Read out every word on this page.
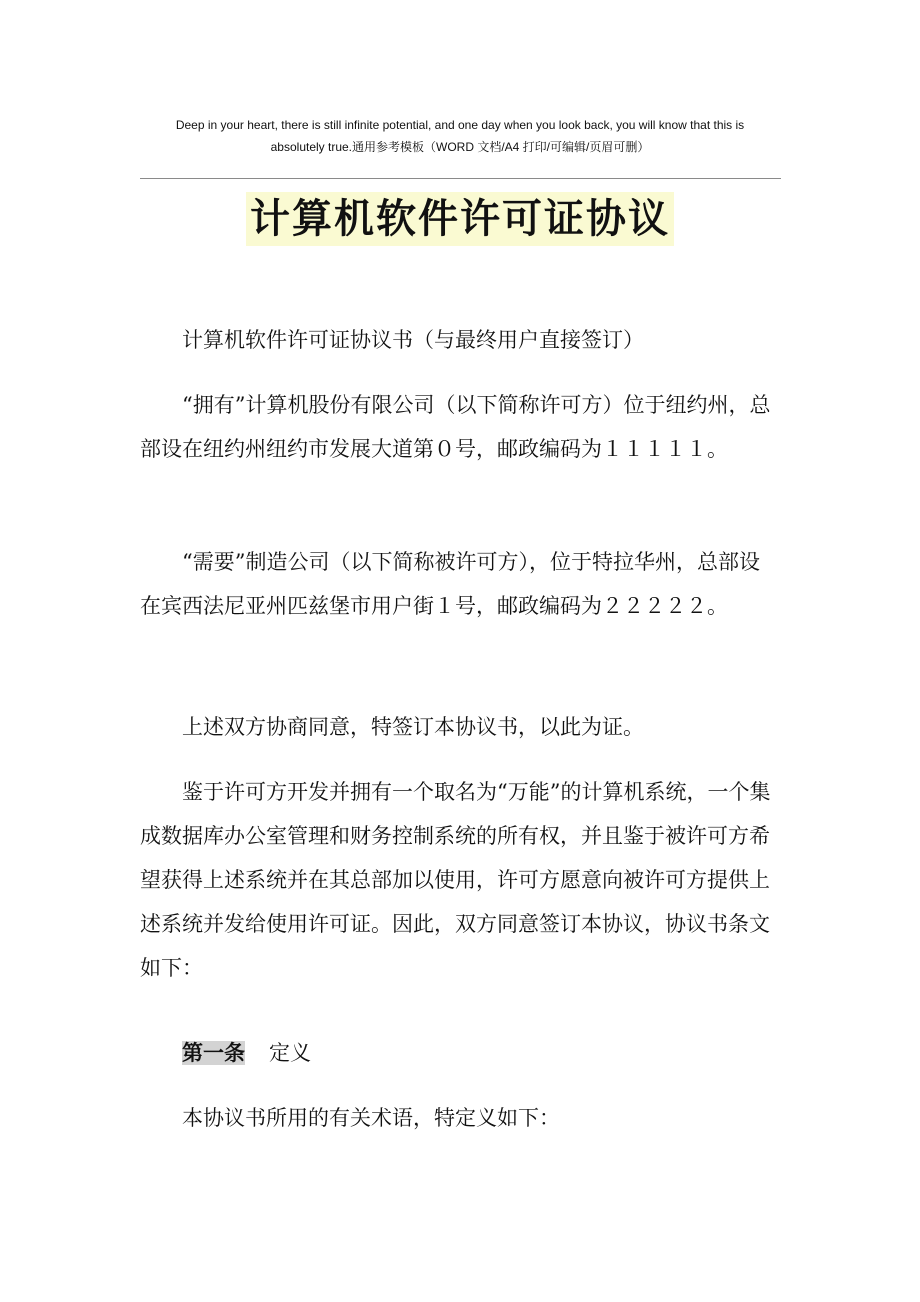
Deep in your heart, there is still infinite potential, and one day when you look back, you will know that this is
absolutely true.通用参考模板（WORD 文档/A4 打印/可编辑/页眉可删）
计算机软件许可证协议

计算机软件许可证协议书（与最终用户直接签订）

“拥有”计算机股份有限公司（以下简称许可方）位于纽约州，总部设在纽约州纽约市发展大道第０号，邮政编码为１１１１１。

“需要”制造公司（以下简称被许可方），位于特拉华州，总部设在宾西法尼亚州匹兹堡市用户街１号，邮政编码为２２２２２。

上述双方协商同意，特签订本协议书，以此为证。

鉴于许可方开发并拥有一个取名为“万能”的计算机系统，一个集成数据库办公室管理和财务控制系统的所有权，并且鉴于被许可方希望获得上述系统并在其总部加以使用，许可方愿意向被许可方提供上述系统并发给使用许可证。因此，双方同意签订本协议，协议书条文如下：

第一条 定义

本协议书所用的有关术语，特定义如下：
